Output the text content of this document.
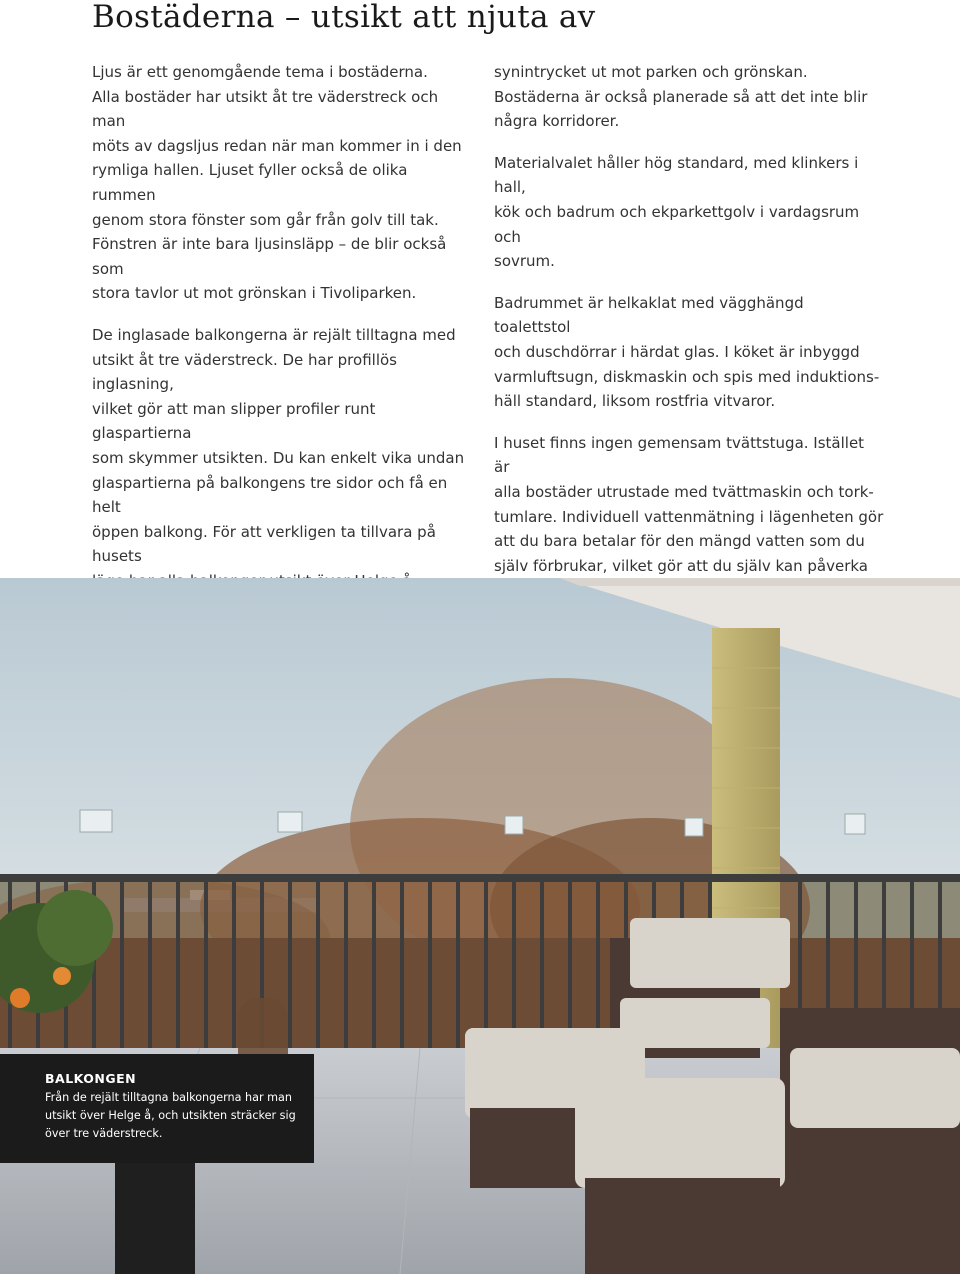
Bostäderna – utsikt att njuta av

Ljus är ett genomgående tema i bostäderna.
Alla bostäder har utsikt åt tre väderstreck och man
möts av dagsljus redan när man kommer in i den
rymliga hallen. Ljuset fyller också de olika rummen
genom stora fönster som går från golv till tak.
Fönstren är inte bara ljusinsläpp – de blir också som
stora tavlor ut mot grönskan i Tivoliparken.

De inglasade balkongerna är rejält tilltagna med
utsikt åt tre väderstreck. De har profillös inglasning,
vilket gör att man slipper profiler runt glaspartierna
som skymmer utsikten. Du kan enkelt vika undan
glaspartierna på balkongens tre sidor och få en helt
öppen balkong. För att verkligen ta tillvara på husets

synintrycket ut mot parken och grönskan.
Bostäderna är också planerade så att det inte blir
några korridorer.

Materialvalet håller hög standard, med klinkers i hall,
kök och badrum och ekparkettgolv i vardagsrum och
sovrum.

Badrummet är helkaklat med vägghängd toalettstol
och duschdörrar i härdat glas. I köket är inbyggd
varmluftsugn, diskmaskin och spis med induktions-
häll standard, liksom rostfria vitvaror.

I huset finns ingen gemensam tvättstuga. Istället är
alla bostäder utrustade med tvättmaskin och tork-
tumlare. Individuell vattenmätning i lägenheten gör
att du bara betalar för den mängd vatten som du
själv förbrukar, vilket gör att du själv kan påverka

BALKONGEN
Från de rejält tilltagna balkongerna har man
utsikt över Helge å, och utsikten sträcker sig
över tre väderstreck.
